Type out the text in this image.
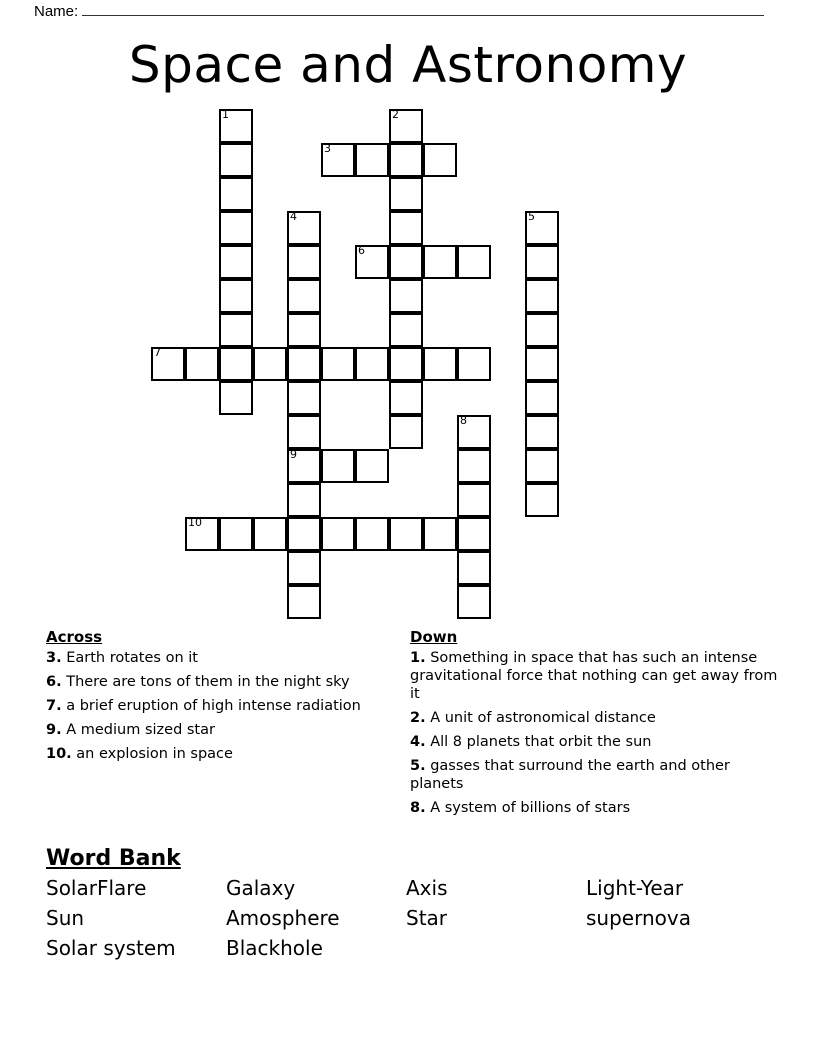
Name:
Space and Astronomy
1	2
3
4
9
5
6
7
8
10
Across
3. Earth rotates on it
6. There are tons of them in the night sky
7. a brief eruption of high intense radiation
9. A medium sized star
10. an explosion in space
Down
1. Something in space that has such an intense gravitational force that nothing can get away from it
2. A unit of astronomical distance
4. All 8 planets that orbit the sun
5. gasses that surround the earth and other planets
8. A system of billions of stars
Word Bank
SolarFlare	Galaxy	Axis	Light-Year
Sun	Amosphere	Star	supernova
Solar system	Blackhole
